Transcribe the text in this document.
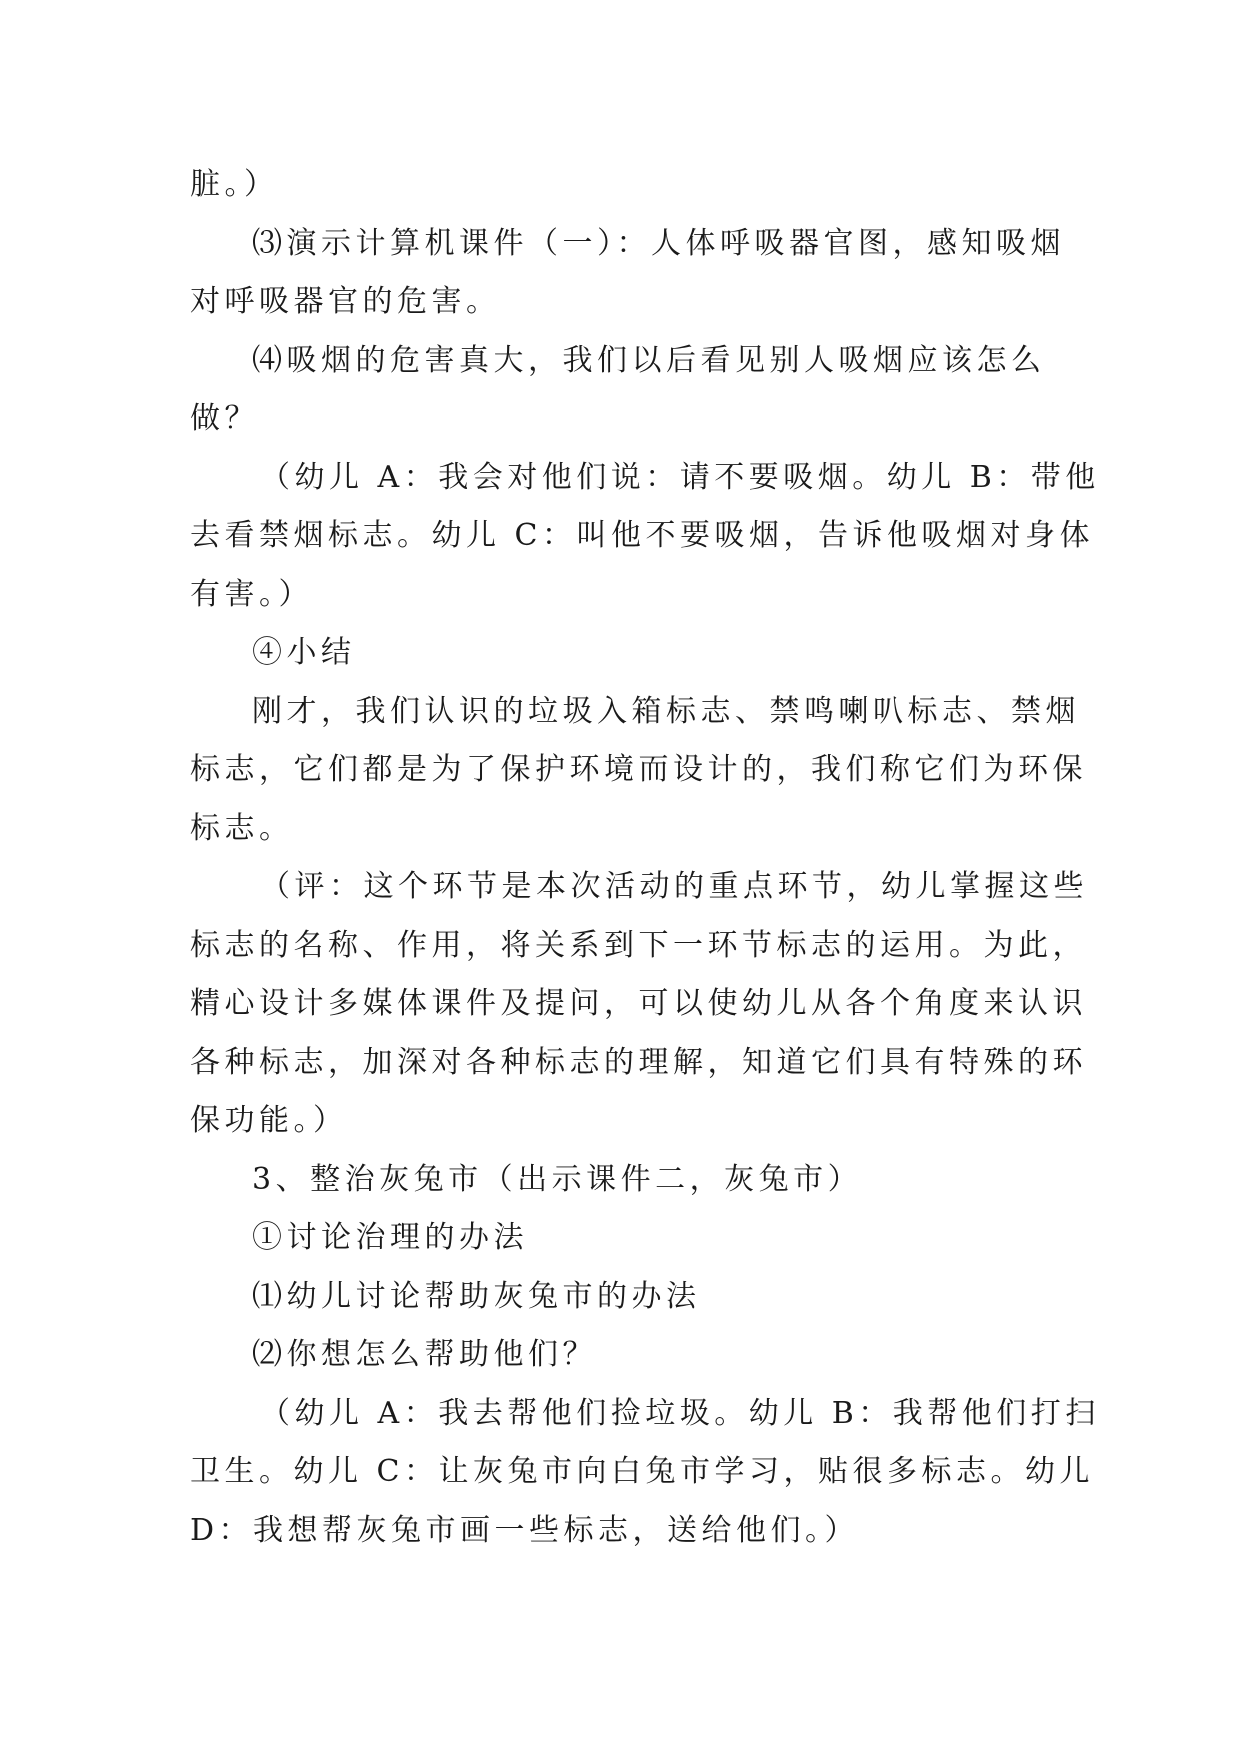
脏。）
⑶演示计算机课件（一）：人体呼吸器官图，感知吸烟
对呼吸器官的危害。
⑷吸烟的危害真大，我们以后看见别人吸烟应该怎么
做？
（幼儿 A：我会对他们说：请不要吸烟。幼儿 B：带他
去看禁烟标志。幼儿 C：叫他不要吸烟，告诉他吸烟对身体
有害。）
④小结
刚才，我们认识的垃圾入箱标志、禁鸣喇叭标志、禁烟
标志，它们都是为了保护环境而设计的，我们称它们为环保
标志。
（评：这个环节是本次活动的重点环节，幼儿掌握这些
标志的名称、作用，将关系到下一环节标志的运用。为此，
精心设计多媒体课件及提问，可以使幼儿从各个角度来认识
各种标志，加深对各种标志的理解，知道它们具有特殊的环
保功能。）
3、整治灰兔市（出示课件二，灰兔市）
①讨论治理的办法
⑴幼儿讨论帮助灰兔市的办法
⑵你想怎么帮助他们？
（幼儿 A：我去帮他们捡垃圾。幼儿 B：我帮他们打扫
卫生。幼儿 C：让灰兔市向白兔市学习，贴很多标志。幼儿
D：我想帮灰兔市画一些标志，送给他们。）
